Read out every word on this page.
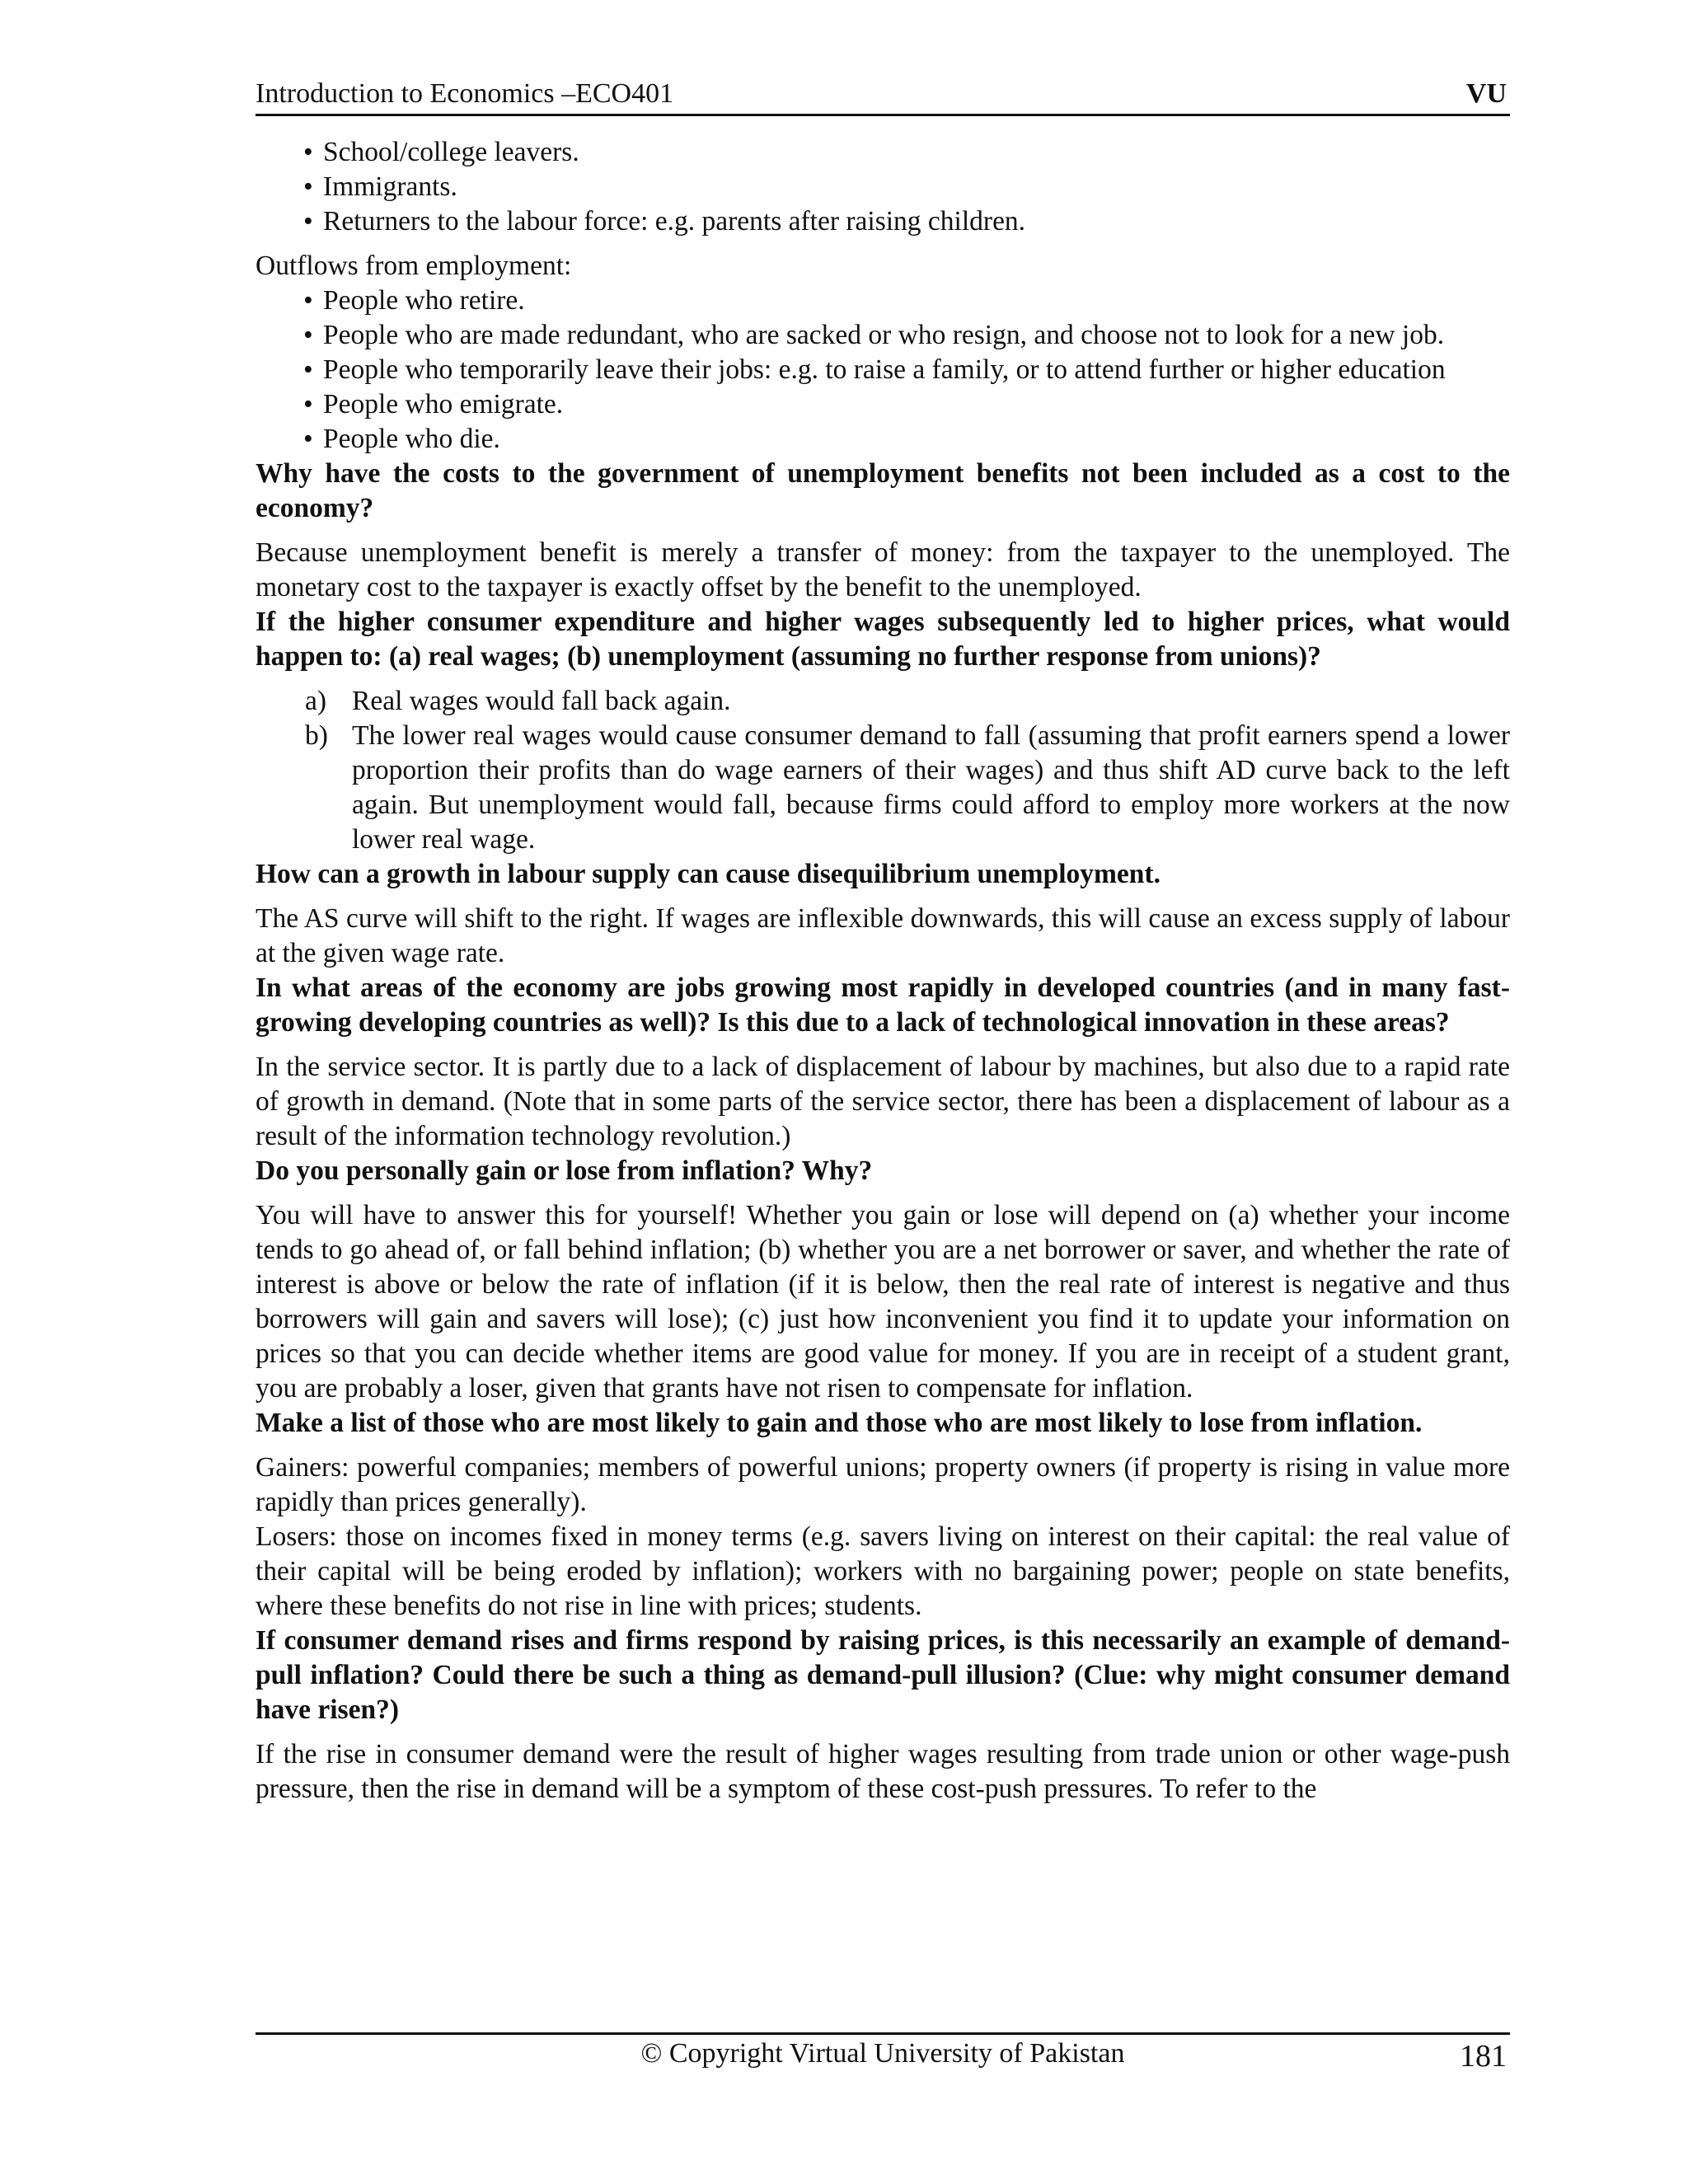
Introduction to Economics –ECO401	VU
• School/college leavers.
• Immigrants.
• Returners to the labour force: e.g. parents after raising children.

Outflows from employment:

• People who retire.
• People who are made redundant, who are sacked or who resign, and choose not to look for a new job.
• People who temporarily leave their jobs: e.g. to raise a family, or to attend further or higher education
• People who emigrate.
• People who die.

Why have the costs to the government of unemployment benefits not been included as a cost to the economy?

Because unemployment benefit is merely a transfer of money: from the taxpayer to the unemployed. The monetary cost to the taxpayer is exactly offset by the benefit to the unemployed.

If the higher consumer expenditure and higher wages subsequently led to higher prices, what would happen to: (a) real wages; (b) unemployment (assuming no further response from unions)?

a) Real wages would fall back again.
b) The lower real wages would cause consumer demand to fall (assuming that profit earners spend a lower proportion their profits than do wage earners of their wages) and thus shift AD curve back to the left again. But unemployment would fall, because firms could afford to employ more workers at the now lower real wage.

How can a growth in labour supply can cause disequilibrium unemployment.

The AS curve will shift to the right. If wages are inflexible downwards, this will cause an excess supply of labour at the given wage rate.

In what areas of the economy are jobs growing most rapidly in developed countries (and in many fast-growing developing countries as well)? Is this due to a lack of technological innovation in these areas?

In the service sector. It is partly due to a lack of displacement of labour by machines, but also due to a rapid rate of growth in demand. (Note that in some parts of the service sector, there has been a displacement of labour as a result of the information technology revolution.)

Do you personally gain or lose from inflation? Why?

You will have to answer this for yourself! Whether you gain or lose will depend on (a) whether your income tends to go ahead of, or fall behind inflation; (b) whether you are a net borrower or saver, and whether the rate of interest is above or below the rate of inflation (if it is below, then the real rate of interest is negative and thus borrowers will gain and savers will lose); (c) just how inconvenient you find it to update your information on prices so that you can decide whether items are good value for money. If you are in receipt of a student grant, you are probably a loser, given that grants have not risen to compensate for inflation.

Make a list of those who are most likely to gain and those who are most likely to lose from inflation.

Gainers: powerful companies; members of powerful unions; property owners (if property is rising in value more rapidly than prices generally).

Losers: those on incomes fixed in money terms (e.g. savers living on interest on their capital: the real value of their capital will be being eroded by inflation); workers with no bargaining power; people on state benefits, where these benefits do not rise in line with prices; students.

If consumer demand rises and firms respond by raising prices, is this necessarily an example of demand-pull inflation? Could there be such a thing as demand-pull illusion? (Clue: why might consumer demand have risen?)

If the rise in consumer demand were the result of higher wages resulting from trade union or other wage-push pressure, then the rise in demand will be a symptom of these cost-push pressures. To refer to the

© Copyright Virtual University of Pakistan	181
